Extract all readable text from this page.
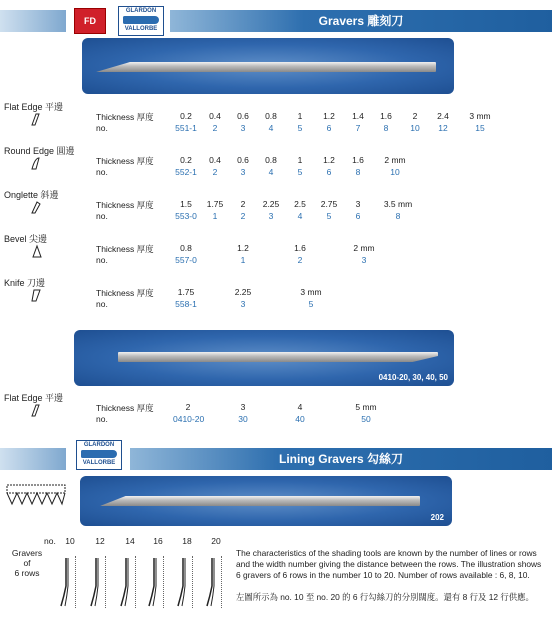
FD
GLARDON
VALLORBE
Gravers 雕刻刀
Flat Edge 平邊
Thickness 厚度
no.
0.2	0.4	0.6	0.8	1	1.2	1.4	1.6	2	2.4	3 mm
551-1	2	3	4	5	6	7	8	10	12	15
Round Edge 圓邊
Thickness 厚度
no.
0.2	0.4	0.6	0.8	1	1.2	1.6	2 mm
552-1	2	3	4	5	6	8	10
Onglette 斜邊
Thickness 厚度
no.
1.5	1.75	2	2.25	2.5	2.75	3	3.5 mm
553-0	1	2	3	4	5	6	8
Bevel 尖邊
Thickness 厚度
no.
0.8	1.2	1.6	2 mm
557-0	1	2	3
Knife 刀邊
Thickness 厚度
no.
1.75	2.25	3 mm
558-1	3	5
0410-20, 30, 40, 50
Flat Edge 平邊
Thickness 厚度
no.
2	3	4	5 mm
0410-20	30	40	50
GLARDON
VALLORBE	Lining Gravers 勾絲刀
202
no.	10	12	14	16	18	20
Gravers
of
6 rows
The characteristics of the shading tools are known by the number of lines or rows and the width number giving the distance between the rows. The illustration shows 6 gravers of 6 rows in the number 10 to 20. Number of rows available : 6, 8, 10.
左圖所示為 no. 10 至 no. 20 的 6 行勾絲刀的分別闊度。還有 8 行及 12 行供應。
